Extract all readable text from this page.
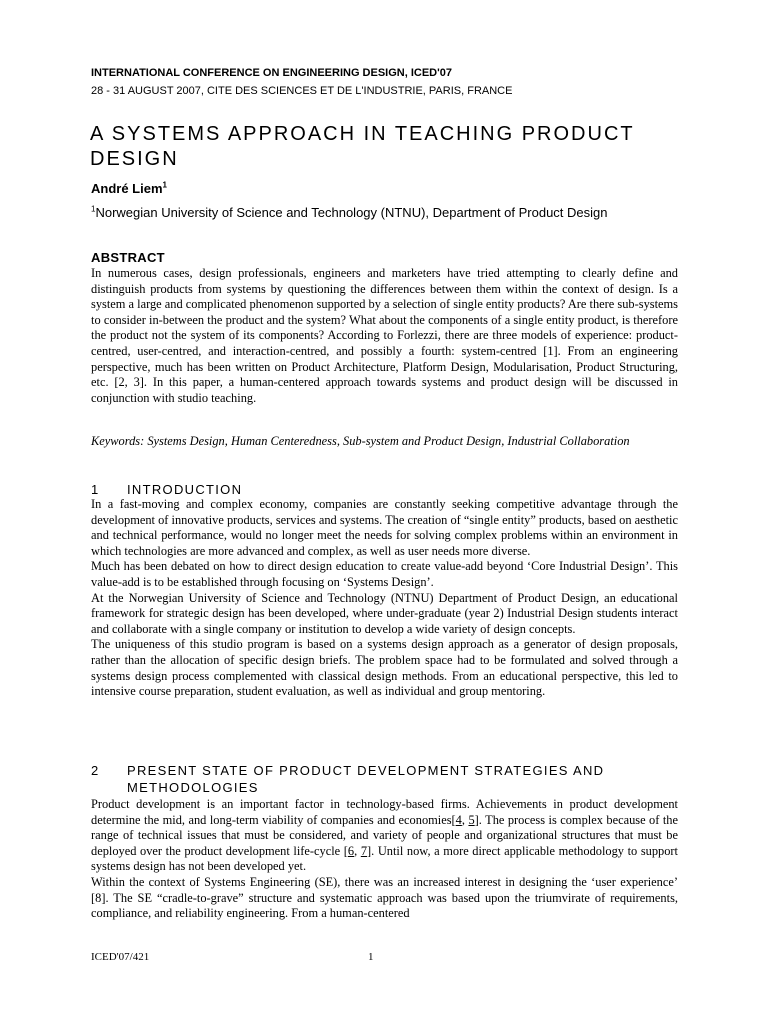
INTERNATIONAL CONFERENCE ON ENGINEERING DESIGN, ICED'07
28 - 31 AUGUST 2007, CITE DES SCIENCES ET DE L'INDUSTRIE, PARIS, FRANCE
A SYSTEMS APPROACH IN TEACHING PRODUCT DESIGN
André Liem$^1$
$^1$Norwegian University of Science and Technology (NTNU), Department of Product Design
ABSTRACT

In numerous cases, design professionals, engineers and marketers have tried attempting to clearly define and distinguish products from systems by questioning the differences between them within the context of design. Is a system a large and complicated phenomenon supported by a selection of single entity products? Are there sub-systems to consider in-between the product and the system? What about the components of a single entity product, is therefore the product not the system of its components? According to Forlezzi, there are three models of experience: product-centred, user-centred, and interaction-centred, and possibly a fourth: system-centred [1]. From an engineering perspective, much has been written on Product Architecture, Platform Design, Modularisation, Product Structuring, etc. [2, 3]. In this paper, a human-centered approach towards systems and product design will be discussed in conjunction with studio teaching.

Keywords: Systems Design, Human Centeredness, Sub-system and Product Design, Industrial Collaboration
1 INTRODUCTION

In a fast-moving and complex economy, companies are constantly seeking competitive advantage through the development of innovative products, services and systems. The creation of “single entity” products, based on aesthetic and technical performance, would no longer meet the needs for solving complex problems within an environment in which technologies are more advanced and complex, as well as user needs more diverse.

Much has been debated on how to direct design education to create value-add beyond ‘Core Industrial Design’. This value-add is to be established through focusing on ‘Systems Design’.

At the Norwegian University of Science and Technology (NTNU) Department of Product Design, an educational framework for strategic design has been developed, where under-graduate (year 2) Industrial Design students interact and collaborate with a single company or institution to develop a wide variety of design concepts.

The uniqueness of this studio program is based on a systems design approach as a generator of design proposals, rather than the allocation of specific design briefs. The problem space had to be formulated and solved through a systems design process complemented with classical design methods. From an educational perspective, this led to intensive course preparation, student evaluation, as well as individual and group mentoring.

2 PRESENT STATE OF PRODUCT DEVELOPMENT STRATEGIES AND METHODOLOGIES

Product development is an important factor in technology-based firms. Achievements in product development determine the mid, and long-term viability of companies and economies[4, 5]. The process is complex because of the range of technical issues that must be considered, and variety of people and organizational structures that must be deployed over the product development life-cycle [6, 7]. Until now, a more direct applicable methodology to support systems design has not been developed yet.

Within the context of Systems Engineering (SE), there was an increased interest in designing the ‘user experience’ [8]. The SE “cradle-to-grave” structure and systematic approach was based upon the triumvirate of requirements, compliance, and reliability engineering. From a human-centered

ICED'07/421	1
